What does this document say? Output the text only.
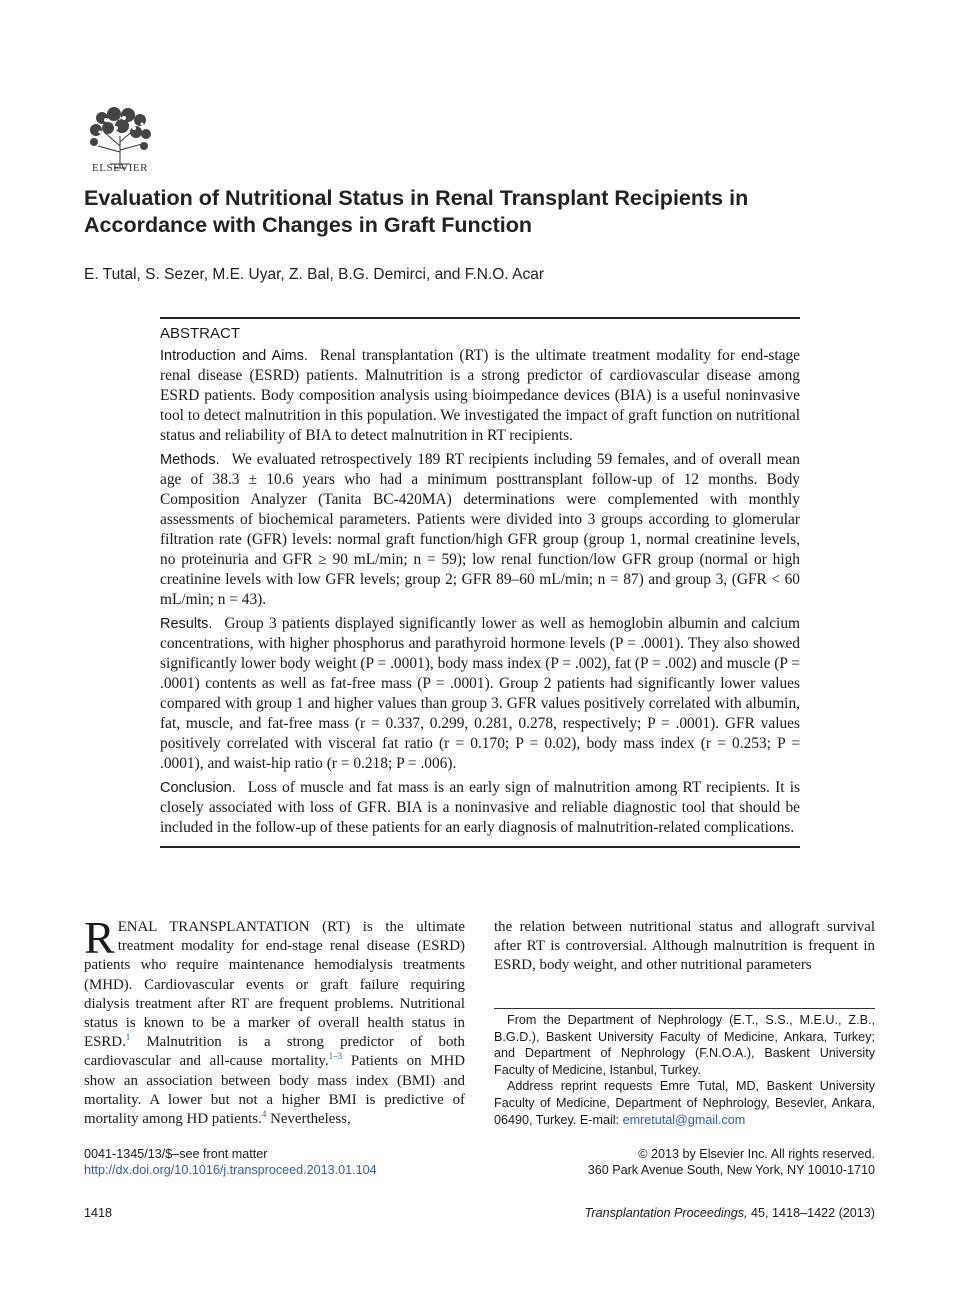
ELSEVIER
Evaluation of Nutritional Status in Renal Transplant Recipients in Accordance with Changes in Graft Function

E. Tutal, S. Sezer, M.E. Uyar, Z. Bal, B.G. Demirci, and F.N.O. Acar

ABSTRACT

Introduction and Aims. Renal transplantation (RT) is the ultimate treatment modality for end-stage renal disease (ESRD) patients. Malnutrition is a strong predictor of cardiovascular disease among ESRD patients. Body composition analysis using bioimpedance devices (BIA) is a useful noninvasive tool to detect malnutrition in this population. We investigated the impact of graft function on nutritional status and reliability of BIA to detect malnutrition in RT recipients.

Methods. We evaluated retrospectively 189 RT recipients including 59 females, and of overall mean age of 38.3 ± 10.6 years who had a minimum posttransplant follow-up of 12 months. Body Composition Analyzer (Tanita BC-420MA) determinations were complemented with monthly assessments of biochemical parameters. Patients were divided into 3 groups according to glomerular filtration rate (GFR) levels: normal graft function/high GFR group (group 1, normal creatinine levels, no proteinuria and GFR ≥ 90 mL/min; n = 59); low renal function/low GFR group (normal or high creatinine levels with low GFR levels; group 2; GFR 89–60 mL/min; n = 87) and group 3, (GFR < 60 mL/min; n = 43).

Results. Group 3 patients displayed significantly lower as well as hemoglobin albumin and calcium concentrations, with higher phosphorus and parathyroid hormone levels (P = .0001). They also showed significantly lower body weight (P = .0001), body mass index (P = .002), fat (P = .002) and muscle (P = .0001) contents as well as fat-free mass (P = .0001). Group 2 patients had significantly lower values compared with group 1 and higher values than group 3. GFR values positively correlated with albumin, fat, muscle, and fat-free mass (r = 0.337, 0.299, 0.281, 0.278, respectively; P = .0001). GFR values positively correlated with visceral fat ratio (r = 0.170; P = 0.02), body mass index (r = 0.253; P = .0001), and waist-hip ratio (r = 0.218; P = .006).

Conclusion. Loss of muscle and fat mass is an early sign of malnutrition among RT recipients. It is closely associated with loss of GFR. BIA is a noninvasive and reliable diagnostic tool that should be included in the follow-up of these patients for an early diagnosis of malnutrition-related complications.

RENAL TRANSPLANTATION (RT) is the ultimate treatment modality for end-stage renal disease (ESRD) patients who require maintenance hemodialysis treatments (MHD). Cardiovascular events or graft failure requiring dialysis treatment after RT are frequent problems. Nutritional status is known to be a marker of overall health status in ESRD.$^1$ Malnutrition is a strong predictor of both cardiovascular and all-cause mortality.$^{1-3}$ Patients on MHD show an association between body mass index (BMI) and mortality. A lower but not a higher BMI is predictive of mortality among HD patients.$^4$ Nevertheless,
the relation between nutritional status and allograft survival after RT is controversial. Although malnutrition is frequent in ESRD, body weight, and other nutritional parameters

From the Department of Nephrology (E.T., S.S., M.E.U., Z.B., B.G.D.), Baskent University Faculty of Medicine, Ankara, Turkey; and Department of Nephrology (F.N.O.A.), Baskent University Faculty of Medicine, Istanbul, Turkey.

Address reprint requests Emre Tutal, MD, Baskent University Faculty of Medicine, Department of Nephrology, Besevler, Ankara, 06490, Turkey. E-mail: emretutal@gmail.com

0041-1345/13/$–see front matter
http://dx.doi.org/10.1016/j.transproceed.2013.01.104
© 2013 by Elsevier Inc. All rights reserved.
360 Park Avenue South, New York, NY 10010-1710
1418	Transplantation Proceedings, 45, 1418–1422 (2013)
